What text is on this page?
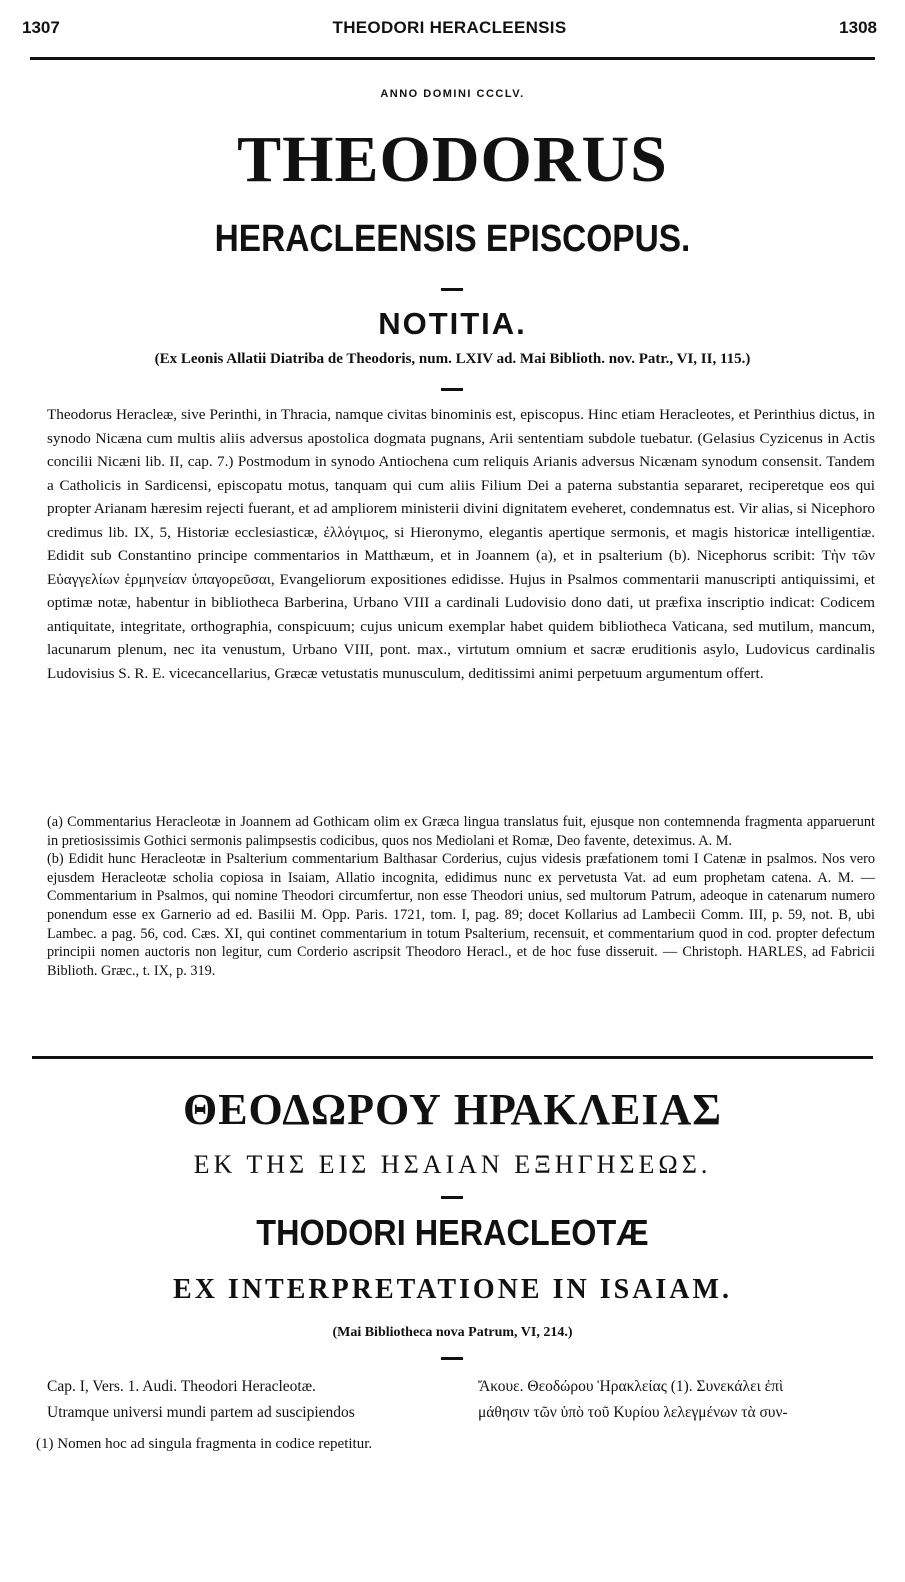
1307	THEODORI HERACLEENSIS	1308
ANNO DOMINI CCCLV.
THEODORUS
HERACLEENSIS EPISCOPUS.
NOTITIA.
(Ex Leonis Allatii Diatriba de Theodoris, num. LXIV ad. Mai Biblioth. nov. Patr., VI, II, 115.)
Theodorus Heracleæ, sive Perinthi, in Thracia, namque civitas binominis est, episcopus. Hinc etiam Heracleotes, et Perinthius dictus, in synodo Nicæna cum multis aliis adversus apostolica dogmata pugnans, Arii sententiam subdole tuebatur. (Gelasius Cyzicenus in Actis concilii Nicæni lib. II, cap. 7.) Postmodum in synodo Antiochena cum reliquis Arianis adversus Nicænam synodum consensit. Tandem a Catholicis in Sardicensi, episcopatu motus, tanquam qui cum aliis Filium Dei a paterna substantia separaret, reciperetque eos qui propter Arianam hæresim rejecti fuerant, et ad ampliorem ministerii divini dignitatem eveheret, condemnatus est. Vir alias, si Nicephoro credimus lib. IX, 5, Historiæ ecclesiasticæ, ἐλλόγιμος, si Hieronymo, elegantis apertique sermonis, et magis historicæ intelligentiæ. Edidit sub Constantino principe commentarios in Matthæum, et in Joannem (a), et in psalterium (b). Nicephorus scribit: Τὴν τῶν Εὐαγγελίων ἑρμηνείαν ὑπαγορεῦσαι, Evangeliorum expositiones edidisse. Hujus in Psalmos commentarii manuscripti antiquissimi, et optimæ notæ, habentur in bibliotheca Barberina, Urbano VIII a cardinali Ludovisio dono dati, ut præfixa inscriptio indicat: Codicem antiquitate, integritate, orthographia, conspicuum; cujus unicum exemplar habet quidem bibliotheca Vaticana, sed mutilum, mancum, lacunarum plenum, nec ita venustum, Urbano VIII, pont. max., virtutum omnium et sacræ eruditionis asylo, Ludovicus cardinalis Ludovisius S. R. E. vicecancellarius, Græcæ vetustatis munusculum, deditissimi animi perpetuum argumentum offert.

(a) Commentarius Heracleotæ in Joannem ad Gothicam olim ex Græca lingua translatus fuit, ejusque non contemnenda fragmenta apparuerunt in pretiosissimis Gothici sermonis palimpsestis codicibus, quos nos Mediolani et Romæ, Deo favente, deteximus. A. M.

(b) Edidit hunc Heracleotæ in Psalterium commentarium Balthasar Corderius, cujus videsis præfationem tomi I Catenæ in psalmos. Nos vero ejusdem Heracleotæ scholia copiosa in Isaiam, Allatio incognita, edidimus nunc ex pervetusta Vat. ad eum prophetam catena. A. M. — Commentarium in Psalmos, qui nomine Theodori circumfertur, non esse Theodori unius, sed multorum Patrum, adeoque in catenarum numero ponendum esse ex Garnerio ad ed. Basilii M. Opp. Paris. 1721, tom. I, pag. 89; docet Kollarius ad Lambecii Comm. III, p. 59, not. B, ubi Lambec. a pag. 56, cod. Cæs. XI, qui continet commentarium in totum Psalterium, recensuit, et commentarium quod in cod. propter defectum principii nomen auctoris non legitur, cum Corderio ascripsit Theodoro Heracl., et de hoc fuse disseruit. — Christoph. HARLES, ad Fabricii Biblioth. Græc., t. IX, p. 319.

ΘΕΟΔΩΡΟΥ ΗΡΑΚΛΕΙΑΣ
ΕΚ ΤΗΣ ΕΙΣ ΗΣΑΙΑΝ ΕΞΗΓΗΣΕΩΣ.
THODORI HERACLEOTÆ
EX INTERPRETATIONE IN ISAIAM.
(Mai Bibliotheca nova Patrum, VI, 214.)
Cap. I, Vers. 1. Audi. Theodori Heracleotæ.
Utramque universi mundi partem ad suscipiendos
Ἄκουε. Θεοδώρου Ἡρακλείας (1). Συνεκάλει ἐπὶ
μάθησιν τῶν ὑπὸ τοῦ Κυρίου λελεγμένων τὰ συν-
(1) Nomen hoc ad singula fragmenta in codice repetitur.
